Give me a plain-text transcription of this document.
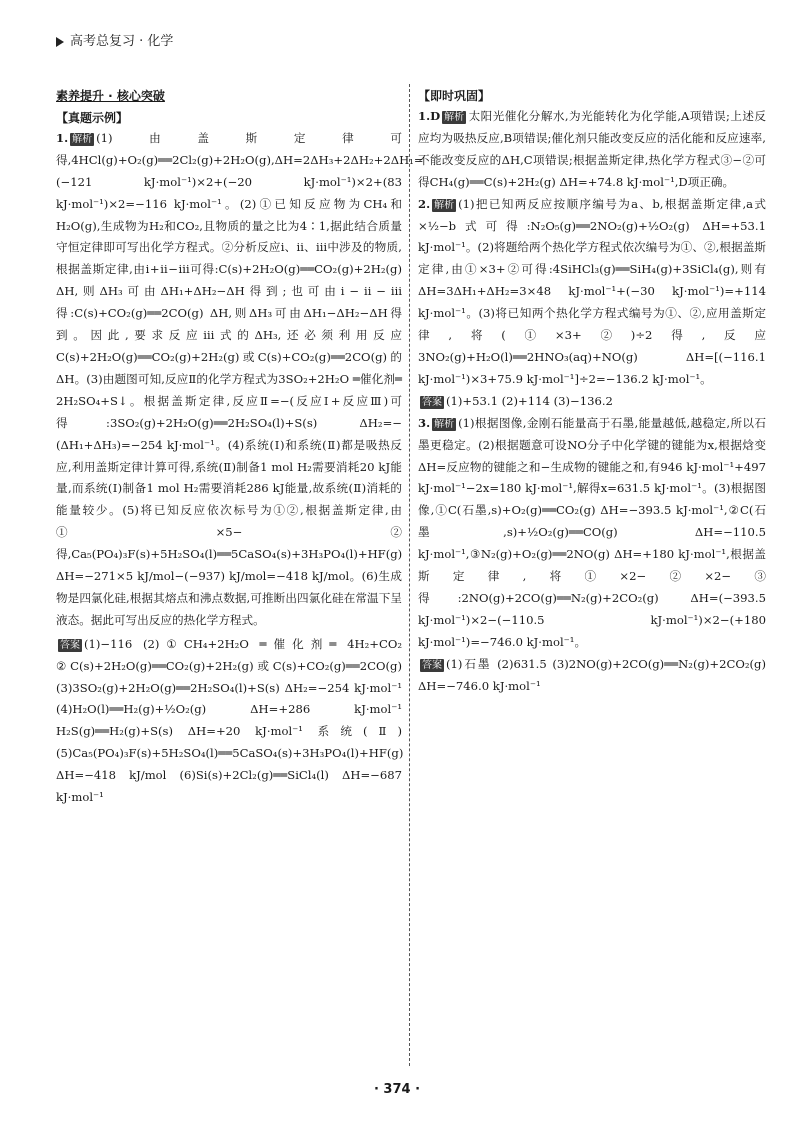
高考总复习 · 化学
素养提升 · 核心突破
【真题示例】

1. 解析 (1)由盖斯定律可得,4HCl(g)+O₂(g)══2Cl₂(g)+2H₂O(g),ΔH=2ΔH₃+2ΔH₂+2ΔH₁=(−121 kJ·mol⁻¹)×2+(−20 kJ·mol⁻¹)×2+(83 kJ·mol⁻¹)×2=−116 kJ·mol⁻¹。(2)①已知反应物为CH₄和H₂O(g),生成物为H₂和CO₂,且物质的量之比为4∶1,据此结合质量守恒定律即可写出化学方程式。②分析反应ⅰ、ⅱ、ⅲ中涉及的物质,根据盖斯定律,由ⅰ+ⅱ−ⅲ可得:C(s)+2H₂O(g)══CO₂(g)+2H₂(g) ΔH,则ΔH₃可由ΔH₁+ΔH₂−ΔH得到;也可由ⅰ−ⅱ−ⅲ得:C(s)+CO₂(g)══2CO(g) ΔH,则ΔH₃可由ΔH₁−ΔH₂−ΔH得到。因此,要求反应ⅲ式的ΔH₃,还必须利用反应C(s)+2H₂O(g)══CO₂(g)+2H₂(g)或C(s)+CO₂(g)══2CO(g)的ΔH。(3)由题图可知,反应Ⅱ的化学方程式为3SO₂+2H₂O ═催化剂═ 2H₂SO₄+S↓。根据盖斯定律,反应Ⅱ=−(反应Ⅰ+反应Ⅲ)可得:3SO₂(g)+2H₂O(g)══2H₂SO₄(l)+S(s) ΔH₂=−(ΔH₁+ΔH₃)=−254 kJ·mol⁻¹。(4)系统(Ⅰ)和系统(Ⅱ)都是吸热反应,利用盖斯定律计算可得,系统(Ⅱ)制备1 mol H₂需要消耗20 kJ能量,而系统(Ⅰ)制备1 mol H₂需要消耗286 kJ能量,故系统(Ⅱ)消耗的能量较少。(5)将已知反应依次标号为①②,根据盖斯定律,由①×5−②得,Ca₅(PO₄)₃F(s)+5H₂SO₄(l)══5CaSO₄(s)+3H₃PO₄(l)+HF(g) ΔH=−271×5 kJ/mol−(−937) kJ/mol=−418 kJ/mol。(6)生成物是四氯化硅,根据其熔点和沸点数据,可推断出四氯化硅在常温下呈液态。据此可写出反应的热化学方程式。

答案 (1)−116 (2)①CH₄+2H₂O ═催化剂═ 4H₂+CO₂ ②C(s)+2H₂O(g)══CO₂(g)+2H₂(g)或C(s)+CO₂(g)══2CO(g) (3)3SO₂(g)+2H₂O(g)══2H₂SO₄(l)+S(s) ΔH₂=−254 kJ·mol⁻¹ (4)H₂O(l)══H₂(g)+½O₂(g) ΔH=+286 kJ·mol⁻¹ H₂S(g)══H₂(g)+S(s) ΔH=+20 kJ·mol⁻¹ 系统(Ⅱ) (5)Ca₅(PO₄)₃F(s)+5H₂SO₄(l)══5CaSO₄(s)+3H₃PO₄(l)+HF(g) ΔH=−418 kJ/mol (6)Si(s)+2Cl₂(g)══SiCl₄(l) ΔH=−687 kJ·mol⁻¹

【即时巩固】

1.D 解析 太阳光催化分解水,为光能转化为化学能,A项错误;上述反应均为吸热反应,B项错误;催化剂只能改变反应的活化能和反应速率,不能改变反应的ΔH,C项错误;根据盖斯定律,热化学方程式③−②可得CH₄(g)══C(s)+2H₂(g) ΔH=+74.8 kJ·mol⁻¹,D项正确。

2. 解析 (1)把已知两反应按顺序编号为a、b,根据盖斯定律,a式×½−b式可得:N₂O₅(g)══2NO₂(g)+½O₂(g) ΔH=+53.1 kJ·mol⁻¹。(2)将题给两个热化学方程式依次编号为①、②,根据盖斯定律,由①×3+②可得:4SiHCl₃(g)══SiH₄(g)+3SiCl₄(g),则有ΔH=3ΔH₁+ΔH₂=3×48 kJ·mol⁻¹+(−30 kJ·mol⁻¹)=+114 kJ·mol⁻¹。(3)将已知两个热化学方程式编号为①、②,应用盖斯定律,将(①×3+②)÷2得,反应3NO₂(g)+H₂O(l)══2HNO₃(aq)+NO(g) ΔH=[(−116.1 kJ·mol⁻¹)×3+75.9 kJ·mol⁻¹]÷2=−136.2 kJ·mol⁻¹。

答案 (1)+53.1 (2)+114 (3)−136.2

3. 解析 (1)根据图像,金刚石能量高于石墨,能量越低,越稳定,所以石墨更稳定。(2)根据题意可设NO分子中化学键的键能为x,根据焓变ΔH=反应物的键能之和−生成物的键能之和,有946 kJ·mol⁻¹+497 kJ·mol⁻¹−2x=180 kJ·mol⁻¹,解得x=631.5 kJ·mol⁻¹。(3)根据图像,①C(石墨,s)+O₂(g)══CO₂(g) ΔH=−393.5 kJ·mol⁻¹,②C(石墨,s)+½O₂(g)══CO(g) ΔH=−110.5 kJ·mol⁻¹,③N₂(g)+O₂(g)══2NO(g) ΔH=+180 kJ·mol⁻¹,根据盖斯定律,将①×2−②×2−③得:2NO(g)+2CO(g)══N₂(g)+2CO₂(g) ΔH=(−393.5 kJ·mol⁻¹)×2−(−110.5 kJ·mol⁻¹)×2−(+180 kJ·mol⁻¹)=−746.0 kJ·mol⁻¹。

答案 (1)石墨 (2)631.5 (3)2NO(g)+2CO(g)══N₂(g)+2CO₂(g) ΔH=−746.0 kJ·mol⁻¹

· 374 ·
